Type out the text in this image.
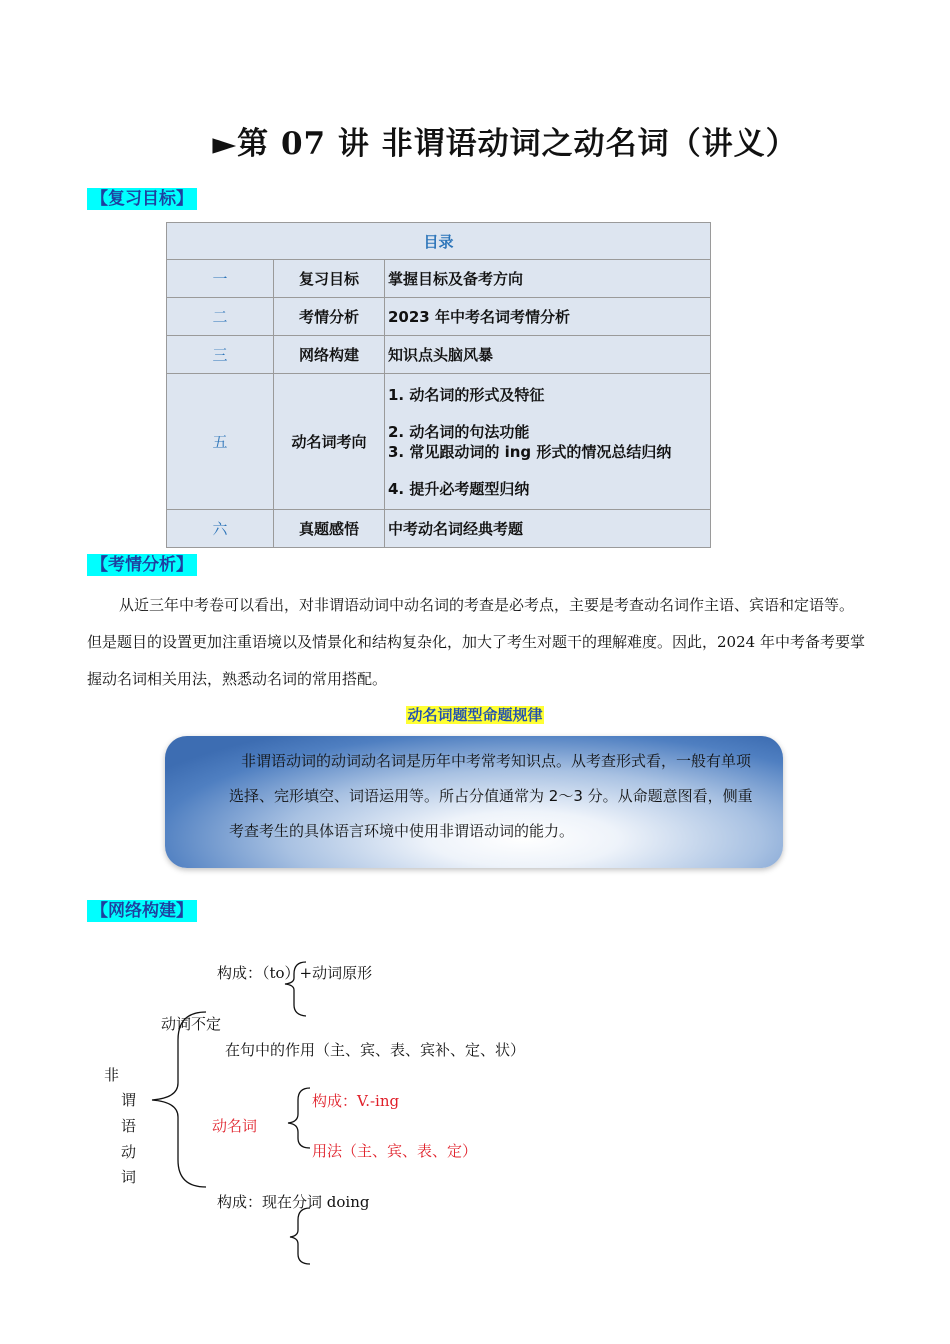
►第 07 讲 非谓语动词之动名词（讲义）
【复习目标】
目录		
一	复习目标	掌握目标及备考方向
二	考情分析	2023 年中考名词考情分析
三	网络构建	知识点头脑风暴
五	动名词考向	1. 动名词的形式及特征
2. 动名词的句法功能
3. 常见跟动词的 ing 形式的情况总结归纳
4. 提升必考题型归纳

六	真题感悟	中考动名词经典考题
【考情分析】
从近三年中考卷可以看出，对非谓语动词中动名词的考查是必考点，主要是考查动名词作主语、宾语和定语等。但是题目的设置更加注重语境以及情景化和结构复杂化，加大了考生对题干的理解难度。因此，2024 年中考备考要掌握动名词相关用法，熟悉动名词的常用搭配。
动名词题型命题规律
非谓语动词的动词动名词是历年中考常考知识点。从考查形式看，一般有单项选择、完形填空、词语运用等。所占分值通常为 2～3 分。从命题意图看，侧重考查考生的具体语言环境中使用非谓语动词的能力。
【网络构建】
非
谓
语
动
词
动词不定
构成：（to）+动词原形
在句中的作用（主、宾、表、宾补、定、状）
动名词
构成：V.-ing
用法（主、宾、表、定）
构成：现在分词 doing
